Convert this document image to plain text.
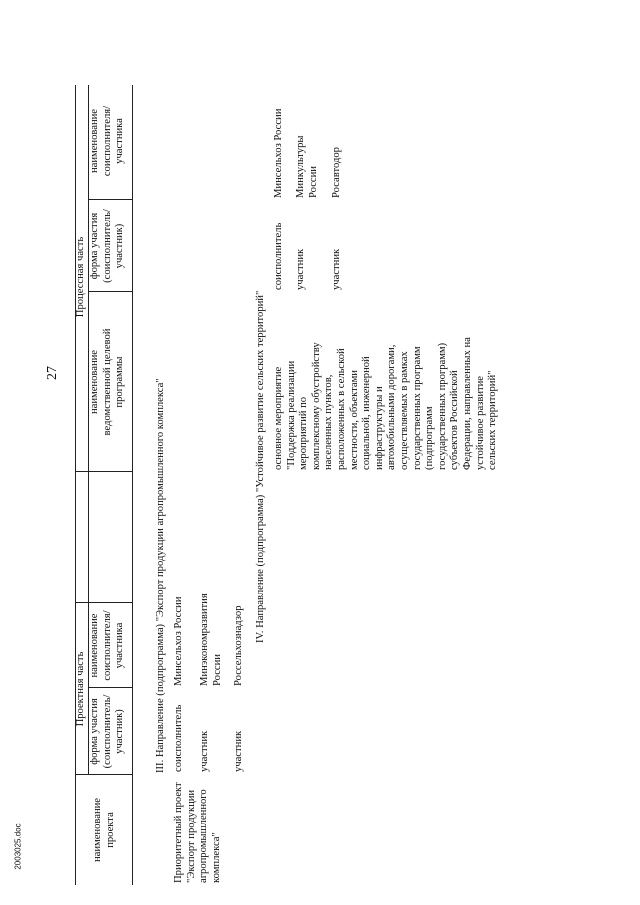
27
2003025.doc	наименование
проекта
Проектная часть
форма участия
(соисполнитель/
участник)
наименование
соисполнителя/
участника
наименование
ведомственной целевой
программы
Процессная часть форма участия
(соисполнитель/
участник)
наименование
соисполнителя/
участника
III. Направление (подпрограмма) "Экспорт продукции агропромышленного комплекса"
Приоритетный проект
"Экспорт продукции
агропромышленного
комплекса"
соисполнитель
Минсельхоз России
участник
Минэкономразвития
России
участник
Россельхознадзор
IV. Направление (подпрограмма) "Устойчивое развитие сельских территорий" основное мероприятие
"Поддержка реализации
мероприятий по
комплексному обустройству
населенных пунктов,
расположенных в сельской
местности, объектами
социальной, инженерной
инфраструктуры и
автомобильными дорогами,
осуществляемых в рамках
государственных программ
(подпрограмм
государственных программ)
субъектов Российской
Федерации, направленных на
устойчивое развитие
сельских территорий"
соисполнитель
Минсельхоз России
участник
Минкультуры
России
участник
Росавтодор
